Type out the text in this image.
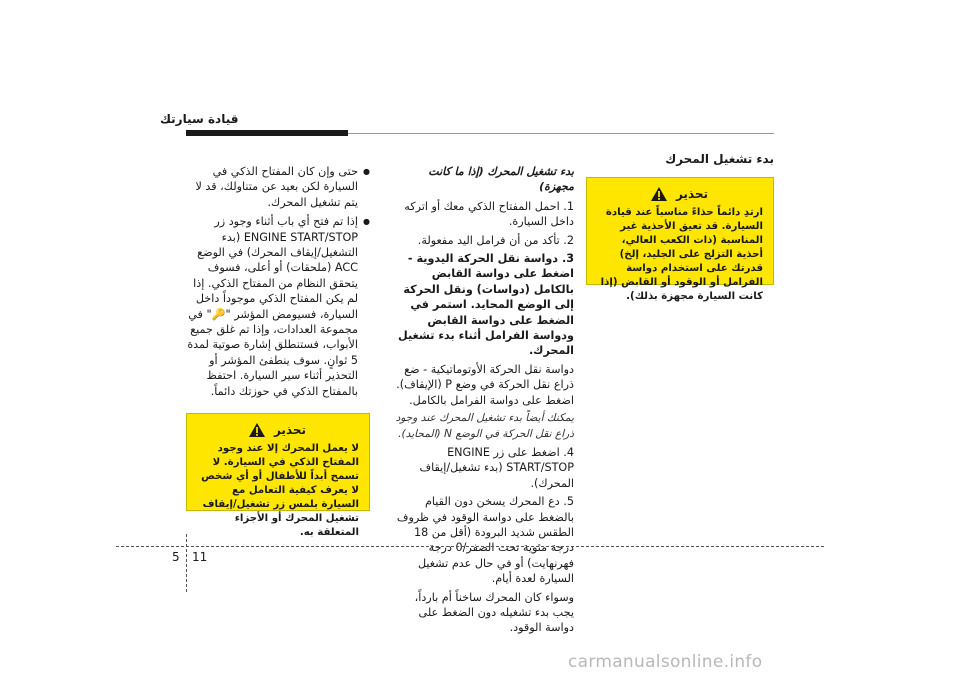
قيادة سيارتك
بدء تشغيل المحرك
تحذير
ارتدِ دائماً حذاءً مناسباً عند قيادة السيارة. قد تعيق الأحذية غير المناسبة (ذات الكعب العالي، أحذية التزلج على الجليد، إلخ) قدرتك على استخدام دواسة الفرامل أو الوقود أو القابض (إذا كانت السيارة مجهزة بذلك).
بدء تشغيل المحرك (إذا ما كانت مجهزة)
1. احمل المفتاح الذكي معك أو اتركه داخل السيارة.
2. تأكد من أن فرامل اليد مفعولة.
3. دواسة نقل الحركة اليدوية - اضغط على دواسة القابض بالكامل (دواسات) ونقل الحركة إلى الوضع المحايد. استمر في الضغط على دواسة القابض ودواسة الفرامل أثناء بدء تشغيل المحرك.
دواسة نقل الحركة الأوتوماتيكية - ضع ذراع نقل الحركة في وضع P (الإيقاف). اضغط على دواسة الفرامل بالكامل.
يمكنك أيضاً بدء تشغيل المحرك عند وجود ذراع نقل الحركة في الوضع N (المحايد).
4. اضغط على زر ENGINE START/STOP (بدء تشغيل/إيقاف المحرك).
5. دع المحرك يسخن دون القيام بالضغط على دواسة الوقود في ظروف الطقس شديد البرودة (أقل من 18 درجة مئوية تحت الصفر/0 درجة فهرنهايت) أو في حال عدم تشغيل السيارة لعدة أيام.
وسواء كان المحرك ساخناً أم بارداً، يجب بدء تشغيله دون الضغط على دواسة الوقود.
● حتى وإن كان المفتاح الذكي في السيارة لكن بعيد عن متناولك، قد لا يتم تشغيل المحرك.
● إذا تم فتح أي باب أثناء وجود زر ENGINE START/STOP (بدء التشغيل/إيقاف المحرك) في الوضع ACC (ملحقات) أو أعلى، فسوف يتحقق النظام من المفتاح الذكي. إذا لم يكن المفتاح الذكي موجوداً داخل السيارة، فسيومض المؤشر "🔑" في مجموعة العدادات، وإذا تم غلق جميع الأبواب، فستنطلق إشارة صوتية لمدة 5 ثوانٍ. سوف ينطفئ المؤشر أو التحذير أثناء سير السيارة. احتفظ بالمفتاح الذكي في حوزتك دائماً.
تحذير
لا يعمل المحرك إلا عند وجود المفتاح الذكي في السيارة. لا تسمح أبداً للأطفال أو أي شخص لا يعرف كيفية التعامل مع السيارة بلمس زر تشغيل/إيقاف تشغيل المحرك أو الأجزاء المتعلقة به.
11
5
carmanualsonline.info
